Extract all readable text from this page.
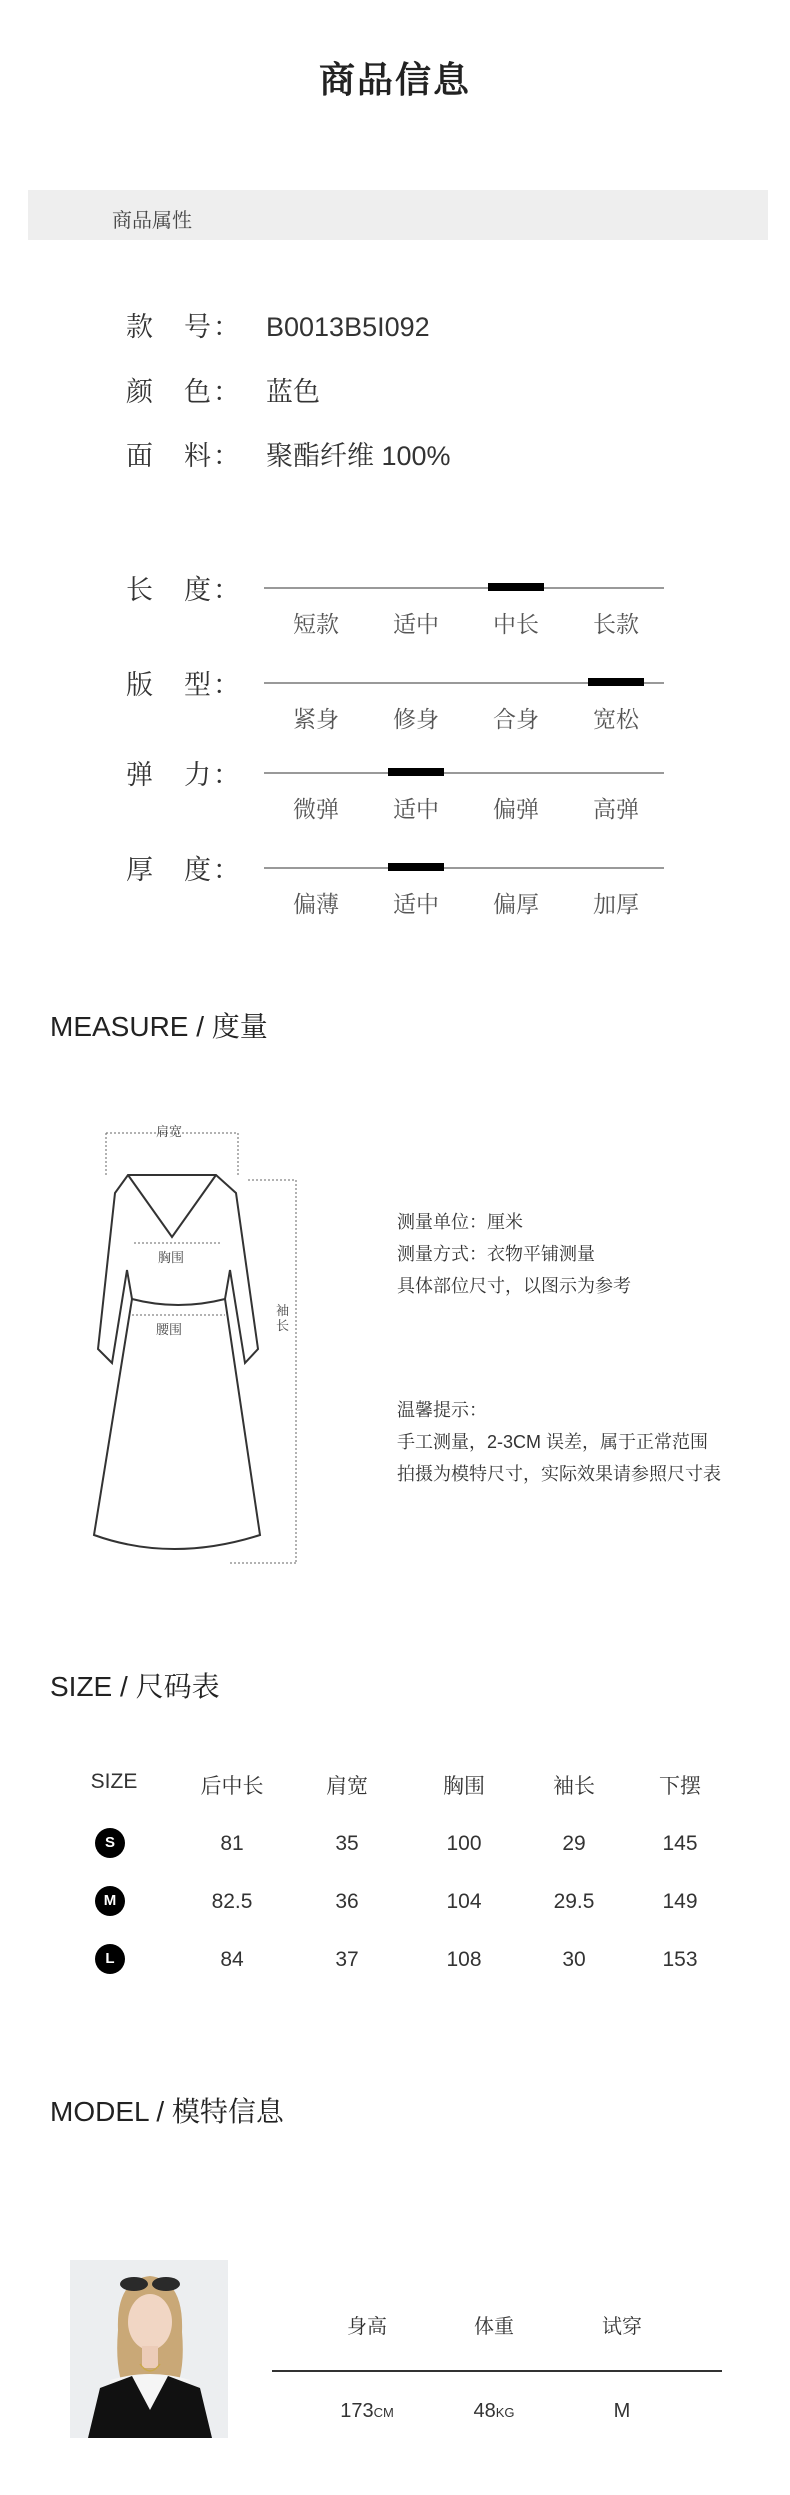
商品信息
商品属性
款　号： B0013B5I092
颜　色： 蓝色
面　料： 聚酯纤维 100%
长　度：
短款	适中	中长	长款
版　型：
紧身	修身	合身	宽松
弹　力：
微弹	适中	偏弹	高弹
厚　度：
偏薄	适中	偏厚	加厚
MEASURE / 度量
肩宽
胸围
腰围
袖长
测量单位：厘米
测量方式：衣物平铺测量
具体部位尺寸，以图示为参考
温馨提示：
手工测量，2-3CM 误差，属于正常范围
拍摄为模特尺寸，实际效果请参照尺寸表
SIZE / 尺码表
SIZE	后中长	肩宽	胸围	袖长	下摆
S	81	35	100	29	145
M	82.5	36	104	29.5	149
L	84	37	108	30	153
MODEL / 模特信息
身高	体重	试穿
173CM	48KG	M
